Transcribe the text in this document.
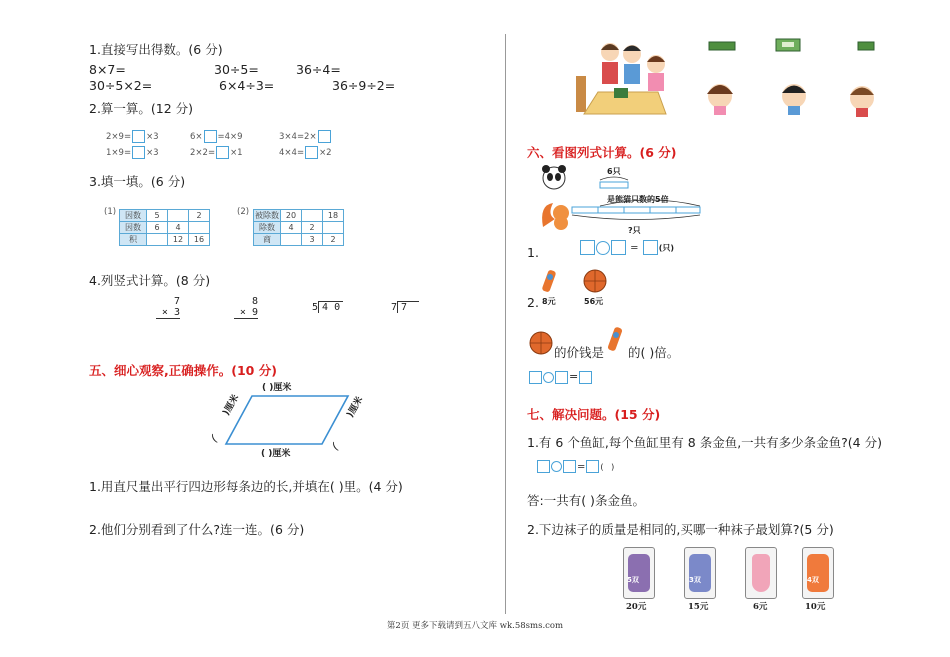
1.直接写出得数。(6 分)
8×7=	30÷5=	36÷4=
30÷5×2=	6×4÷3=	36÷9÷2=
2.算一算。(12 分)
2×9= ×3	6× =4×9	3×4=2×
1×9= ×3	2×2= ×1	4×4= ×2
3.填一填。(6 分)
(1) 因数	5		2
因数	6	4	
积		12	16
(2) 被除数	20		18
除数	4	2	
商		3	2
4.列竖式计算。(8 分)
7
× 3
8
× 9	5 4 0	7 7
五、细心观察,正确操作。(10 分)
( )厘米
( )厘米
)厘米	)厘米
(
(
1.用直尺量出平行四边形每条边的长,并填在( )里。(4 分)
2.他们分别看到了什么?连一连。(6 分)
六、看图列式计算。(6 分)
6只
是熊猫只数的5倍
?只
1.	= (只)
2. 8元	56元
的价钱是 的( )倍。
=
七、解决问题。(15 分)
1.有 6 个鱼缸,每个鱼缸里有 8 条金鱼,一共有多少条金鱼?(4 分)
= (   )
答:一共有( )条金鱼。
2.下边袜子的质量是相同的,买哪一种袜子最划算?(5 分)
5双
20元
3双
15元	6元
4双
10元
第2页 更多下载请到五八文库 wk.58sms.com
